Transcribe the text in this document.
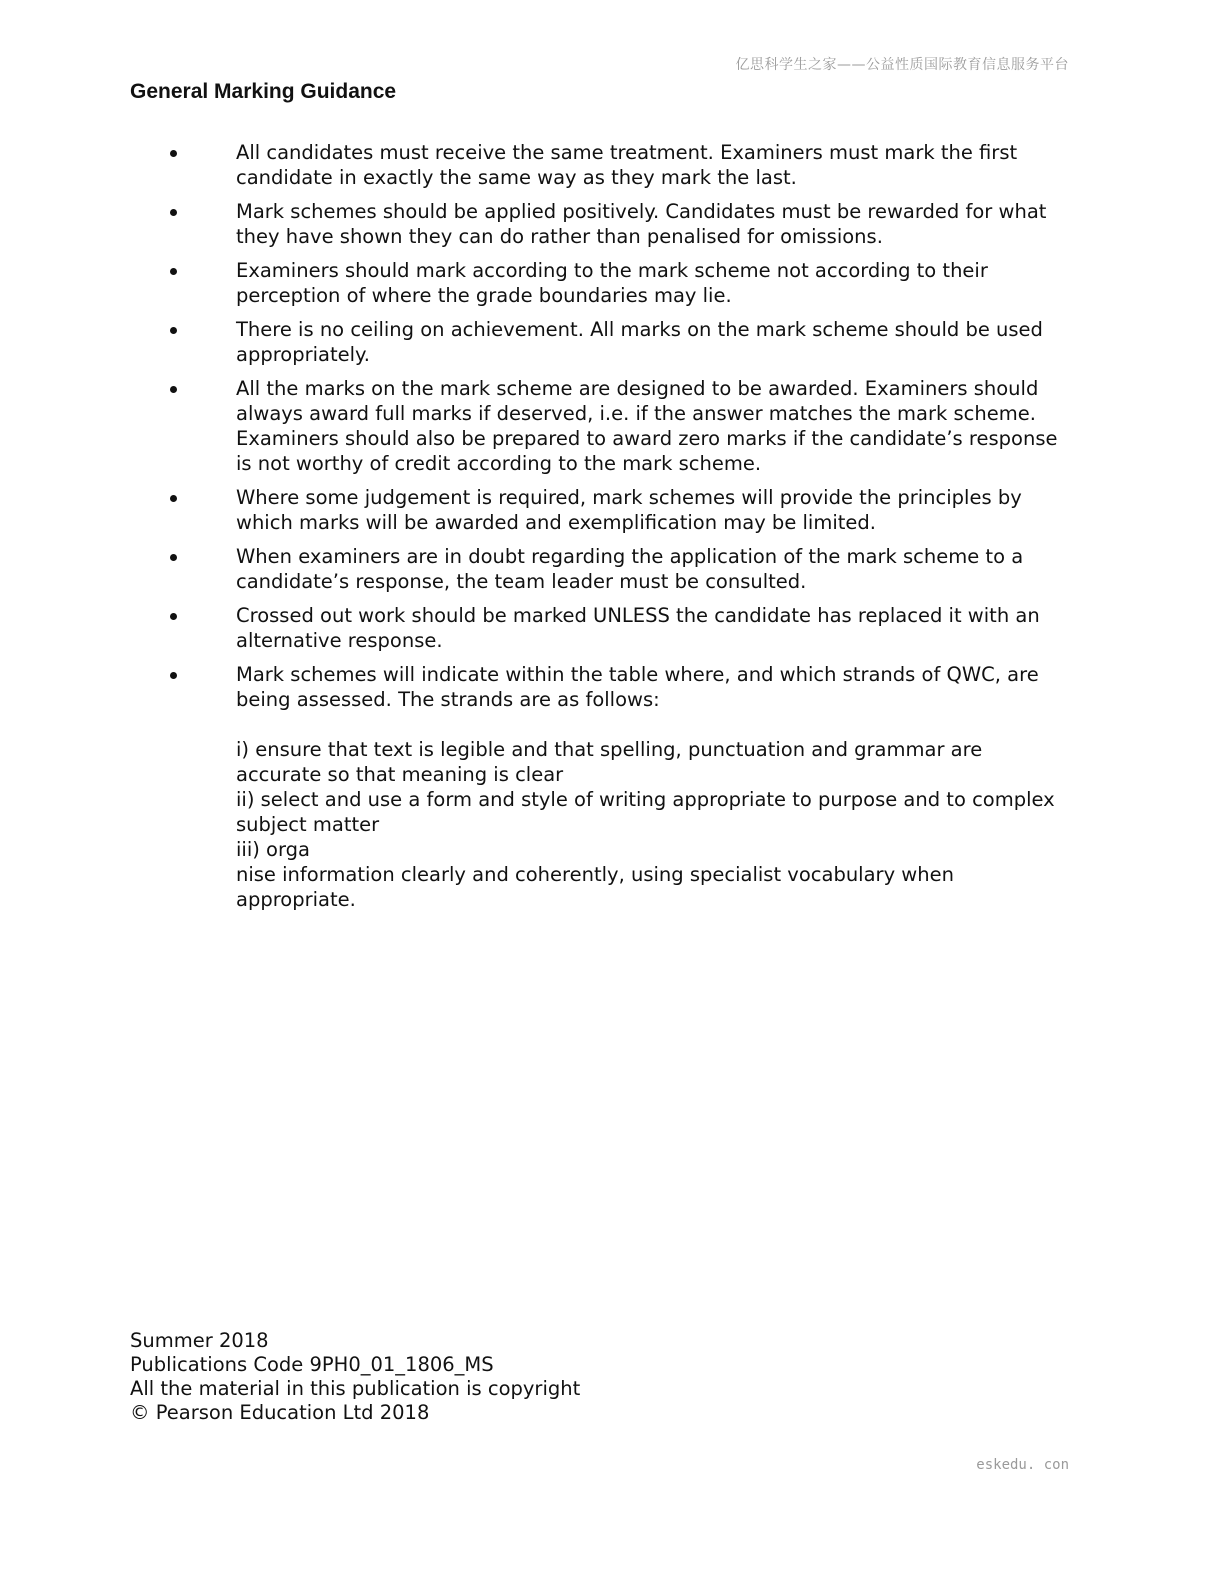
亿思科学生之家——公益性质国际教育信息服务平台
General Marking Guidance
All candidates must receive the same treatment. Examiners must mark the first candidate in exactly the same way as they mark the last.
Mark schemes should be applied positively. Candidates must be rewarded for what they have shown they can do rather than penalised for omissions.
Examiners should mark according to the mark scheme not according to their perception of where the grade boundaries may lie.
There is no ceiling on achievement. All marks on the mark scheme should be used appropriately.
All the marks on the mark scheme are designed to be awarded. Examiners should always award full marks if deserved, i.e. if the answer matches the mark scheme. Examiners should also be prepared to award zero marks if the candidate’s response is not worthy of credit according to the mark scheme.
Where some judgement is required, mark schemes will provide the principles by which marks will be awarded and exemplification may be limited.
When examiners are in doubt regarding the application of the mark scheme to a candidate’s response, the team leader must be consulted.
Crossed out work should be marked UNLESS the candidate has replaced it with an alternative response.
Mark schemes will indicate within the table where, and which strands of QWC, are being assessed. The strands are as follows:
i) ensure that text is legible and that spelling, punctuation and grammar are accurate so that meaning is clear
ii) select and use a form and style of writing appropriate to purpose and to complex subject matter
iii) orga
nise information clearly and coherently, using specialist vocabulary when appropriate.
Summer 2018
Publications Code 9PH0_01_1806_MS
All the material in this publication is copyright
© Pearson Education Ltd 2018
eskedu. con
